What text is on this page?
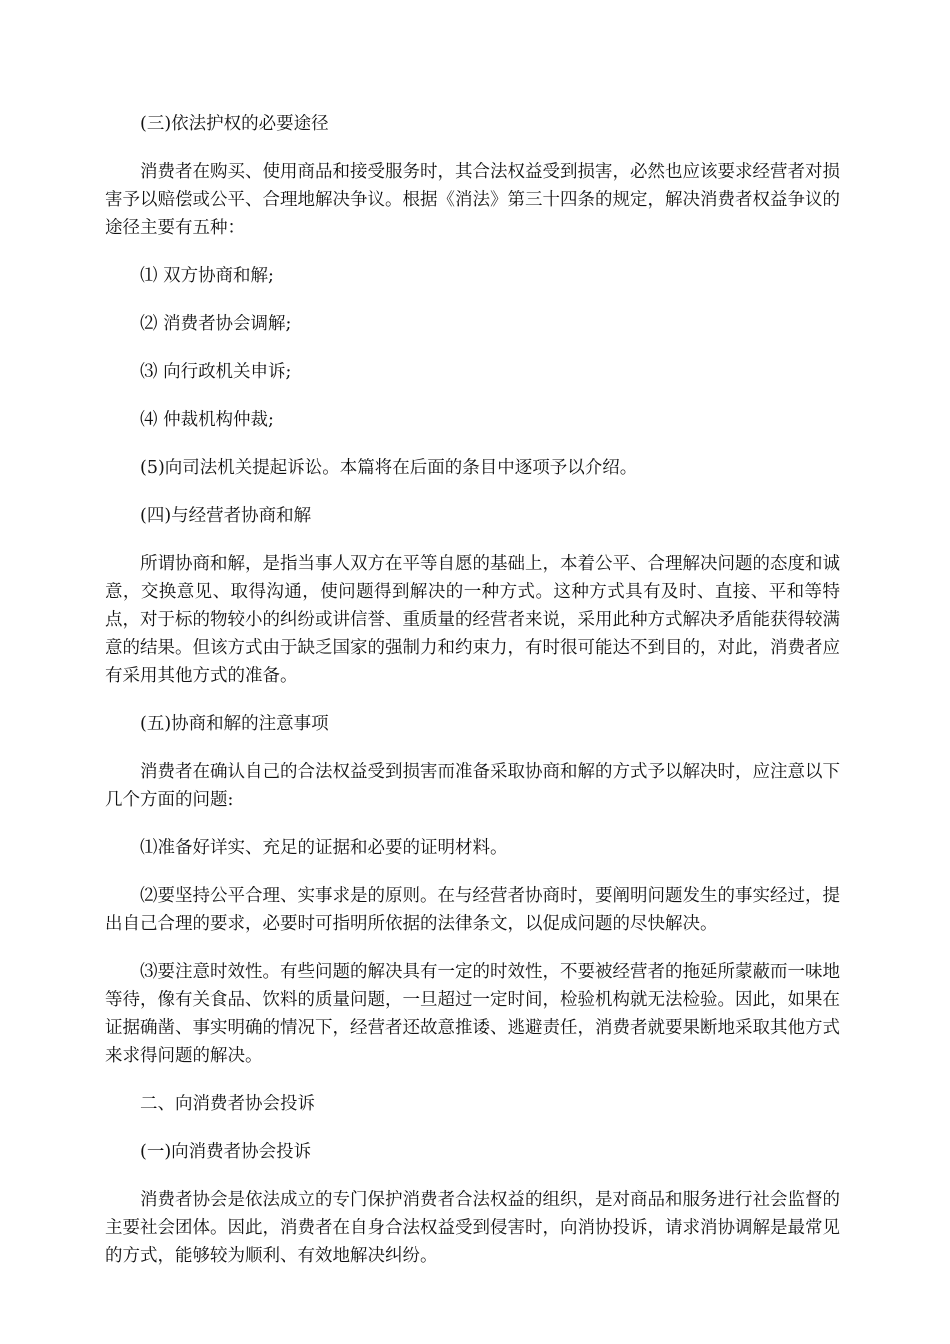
(三)依法护权的必要途径

消费者在购买、使用商品和接受服务时，其合法权益受到损害，必然也应该要求经营者对损害予以赔偿或公平、合理地解决争议。根据《消法》第三十四条的规定，解决消费者权益争议的途径主要有五种：

⑴ 双方协商和解;

⑵ 消费者协会调解;

⑶ 向行政机关申诉;

⑷ 仲裁机构仲裁;

(5)向司法机关提起诉讼。本篇将在后面的条目中逐项予以介绍。

(四)与经营者协商和解

所谓协商和解，是指当事人双方在平等自愿的基础上，本着公平、合理解决问题的态度和诚意，交换意见、取得沟通，使问题得到解决的一种方式。这种方式具有及时、直接、平和等特点，对于标的物较小的纠纷或讲信誉、重质量的经营者来说，采用此种方式解决矛盾能获得较满意的结果。但该方式由于缺乏国家的强制力和约束力，有时很可能达不到目的，对此，消费者应有采用其他方式的准备。

(五)协商和解的注意事项

消费者在确认自己的合法权益受到损害而准备采取协商和解的方式予以解决时，应注意以下几个方面的问题:

⑴准备好详实、充足的证据和必要的证明材料。

⑵要坚持公平合理、实事求是的原则。在与经营者协商时，要阐明问题发生的事实经过，提出自己合理的要求，必要时可指明所依据的法律条文，以促成问题的尽快解决。

⑶要注意时效性。有些问题的解决具有一定的时效性，不要被经营者的拖延所蒙蔽而一味地等待，像有关食品、饮料的质量问题，一旦超过一定时间，检验机构就无法检验。因此，如果在证据确凿、事实明确的情况下，经营者还故意推诿、逃避责任，消费者就要果断地采取其他方式来求得问题的解决。

二、向消费者协会投诉

(一)向消费者协会投诉

消费者协会是依法成立的专门保护消费者合法权益的组织，是对商品和服务进行社会监督的主要社会团体。因此，消费者在自身合法权益受到侵害时，向消协投诉，请求消协调解是最常见的方式，能够较为顺利、有效地解决纠纷。
